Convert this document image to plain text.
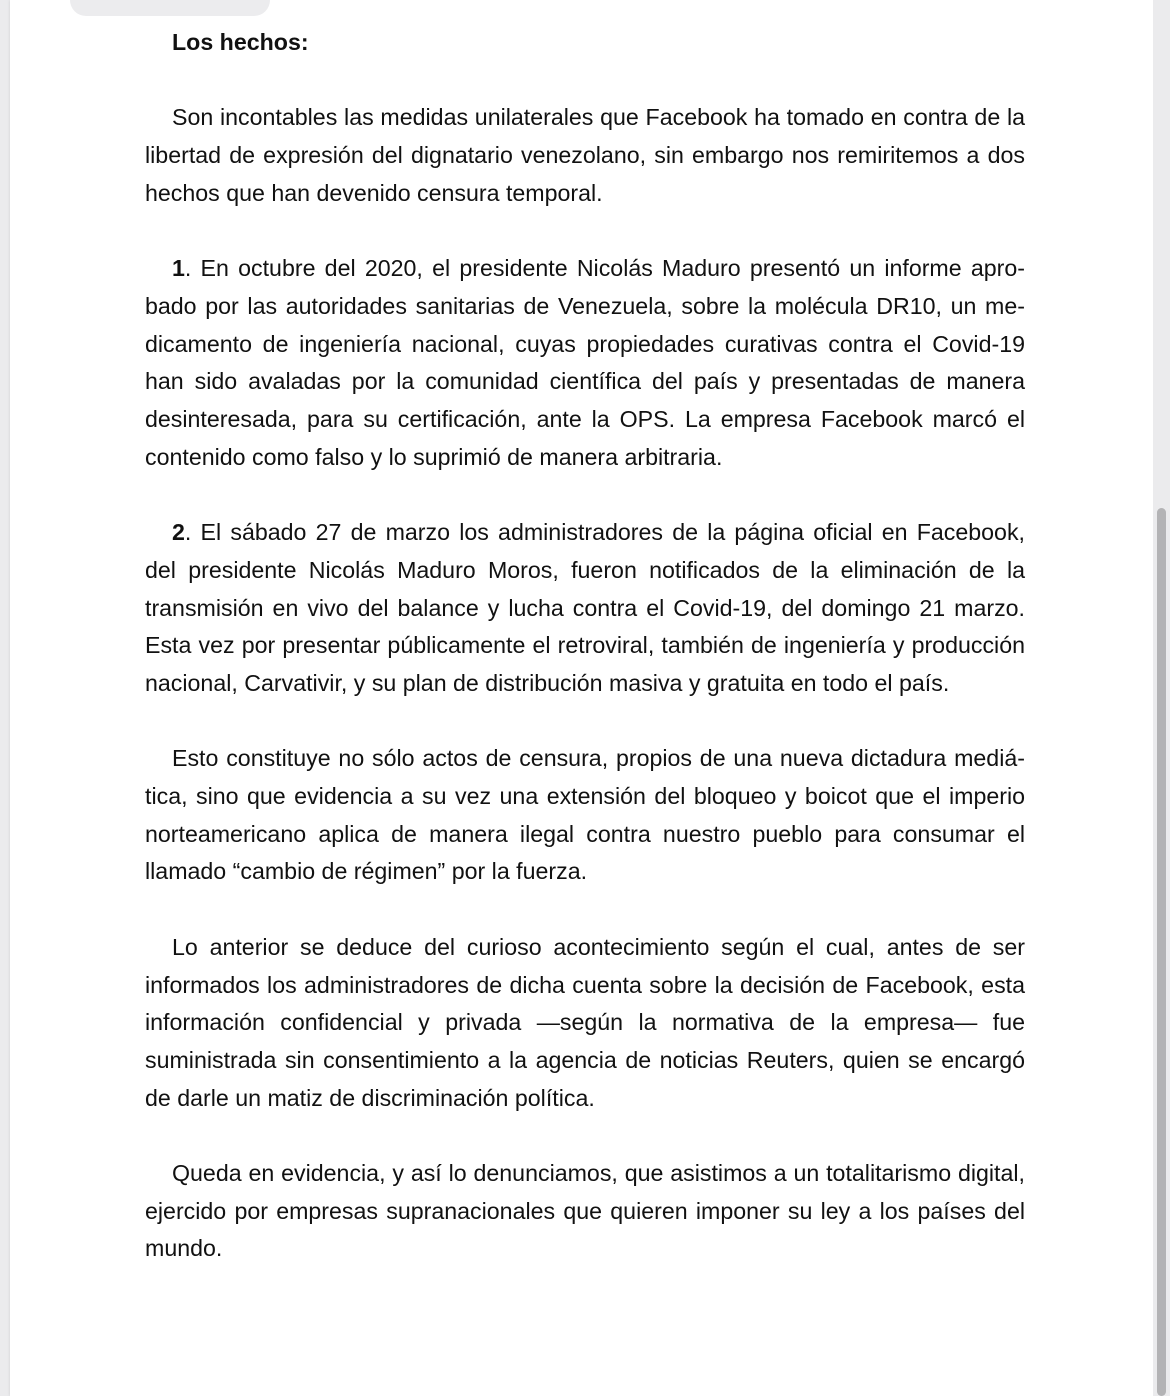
Los hechos:

Son incontables las medidas unilaterales que Facebook ha tomado en contra de la libertad de expresión del dignatario venezolano, sin embargo nos remiritemos a dos hechos que han devenido censura temporal.

1. En octubre del 2020, el presidente Nicolás Maduro presentó un informe aprobado por las autoridades sanitarias de Venezuela, sobre la molécula DR10, un medicamento de ingeniería nacional, cuyas propiedades curativas contra el Covid-19 han sido avaladas por la comunidad científica del país y presentadas de manera desinteresada, para su certificación, ante la OPS. La empresa Facebook marcó el contenido como falso y lo suprimió de manera arbitraria.

2. El sábado 27 de marzo los administradores de la página oficial en Facebook, del presidente Nicolás Maduro Moros, fueron notificados de la eliminación de la transmisión en vivo del balance y lucha contra el Covid-19, del domingo 21 marzo. Esta vez por presentar públicamente el retroviral, también de ingeniería y producción nacional, Carvativir, y su plan de distribución masiva y gratuita en todo el país.

Esto constituye no sólo actos de censura, propios de una nueva dictadura mediática, sino que evidencia a su vez una extensión del bloqueo y boicot que el imperio norteamericano aplica de manera ilegal contra nuestro pueblo para consumar el llamado “cambio de régimen” por la fuerza.

Lo anterior se deduce del curioso acontecimiento según el cual, antes de ser informados los administradores de dicha cuenta sobre la decisión de Facebook, esta información confidencial y privada —según la normativa de la empresa— fue suministrada sin consentimiento a la agencia de noticias Reuters, quien se encargó de darle un matiz de discriminación política.

Queda en evidencia, y así lo denunciamos, que asistimos a un totalitarismo digital, ejercido por empresas supranacionales que quieren imponer su ley a los países del mundo.
